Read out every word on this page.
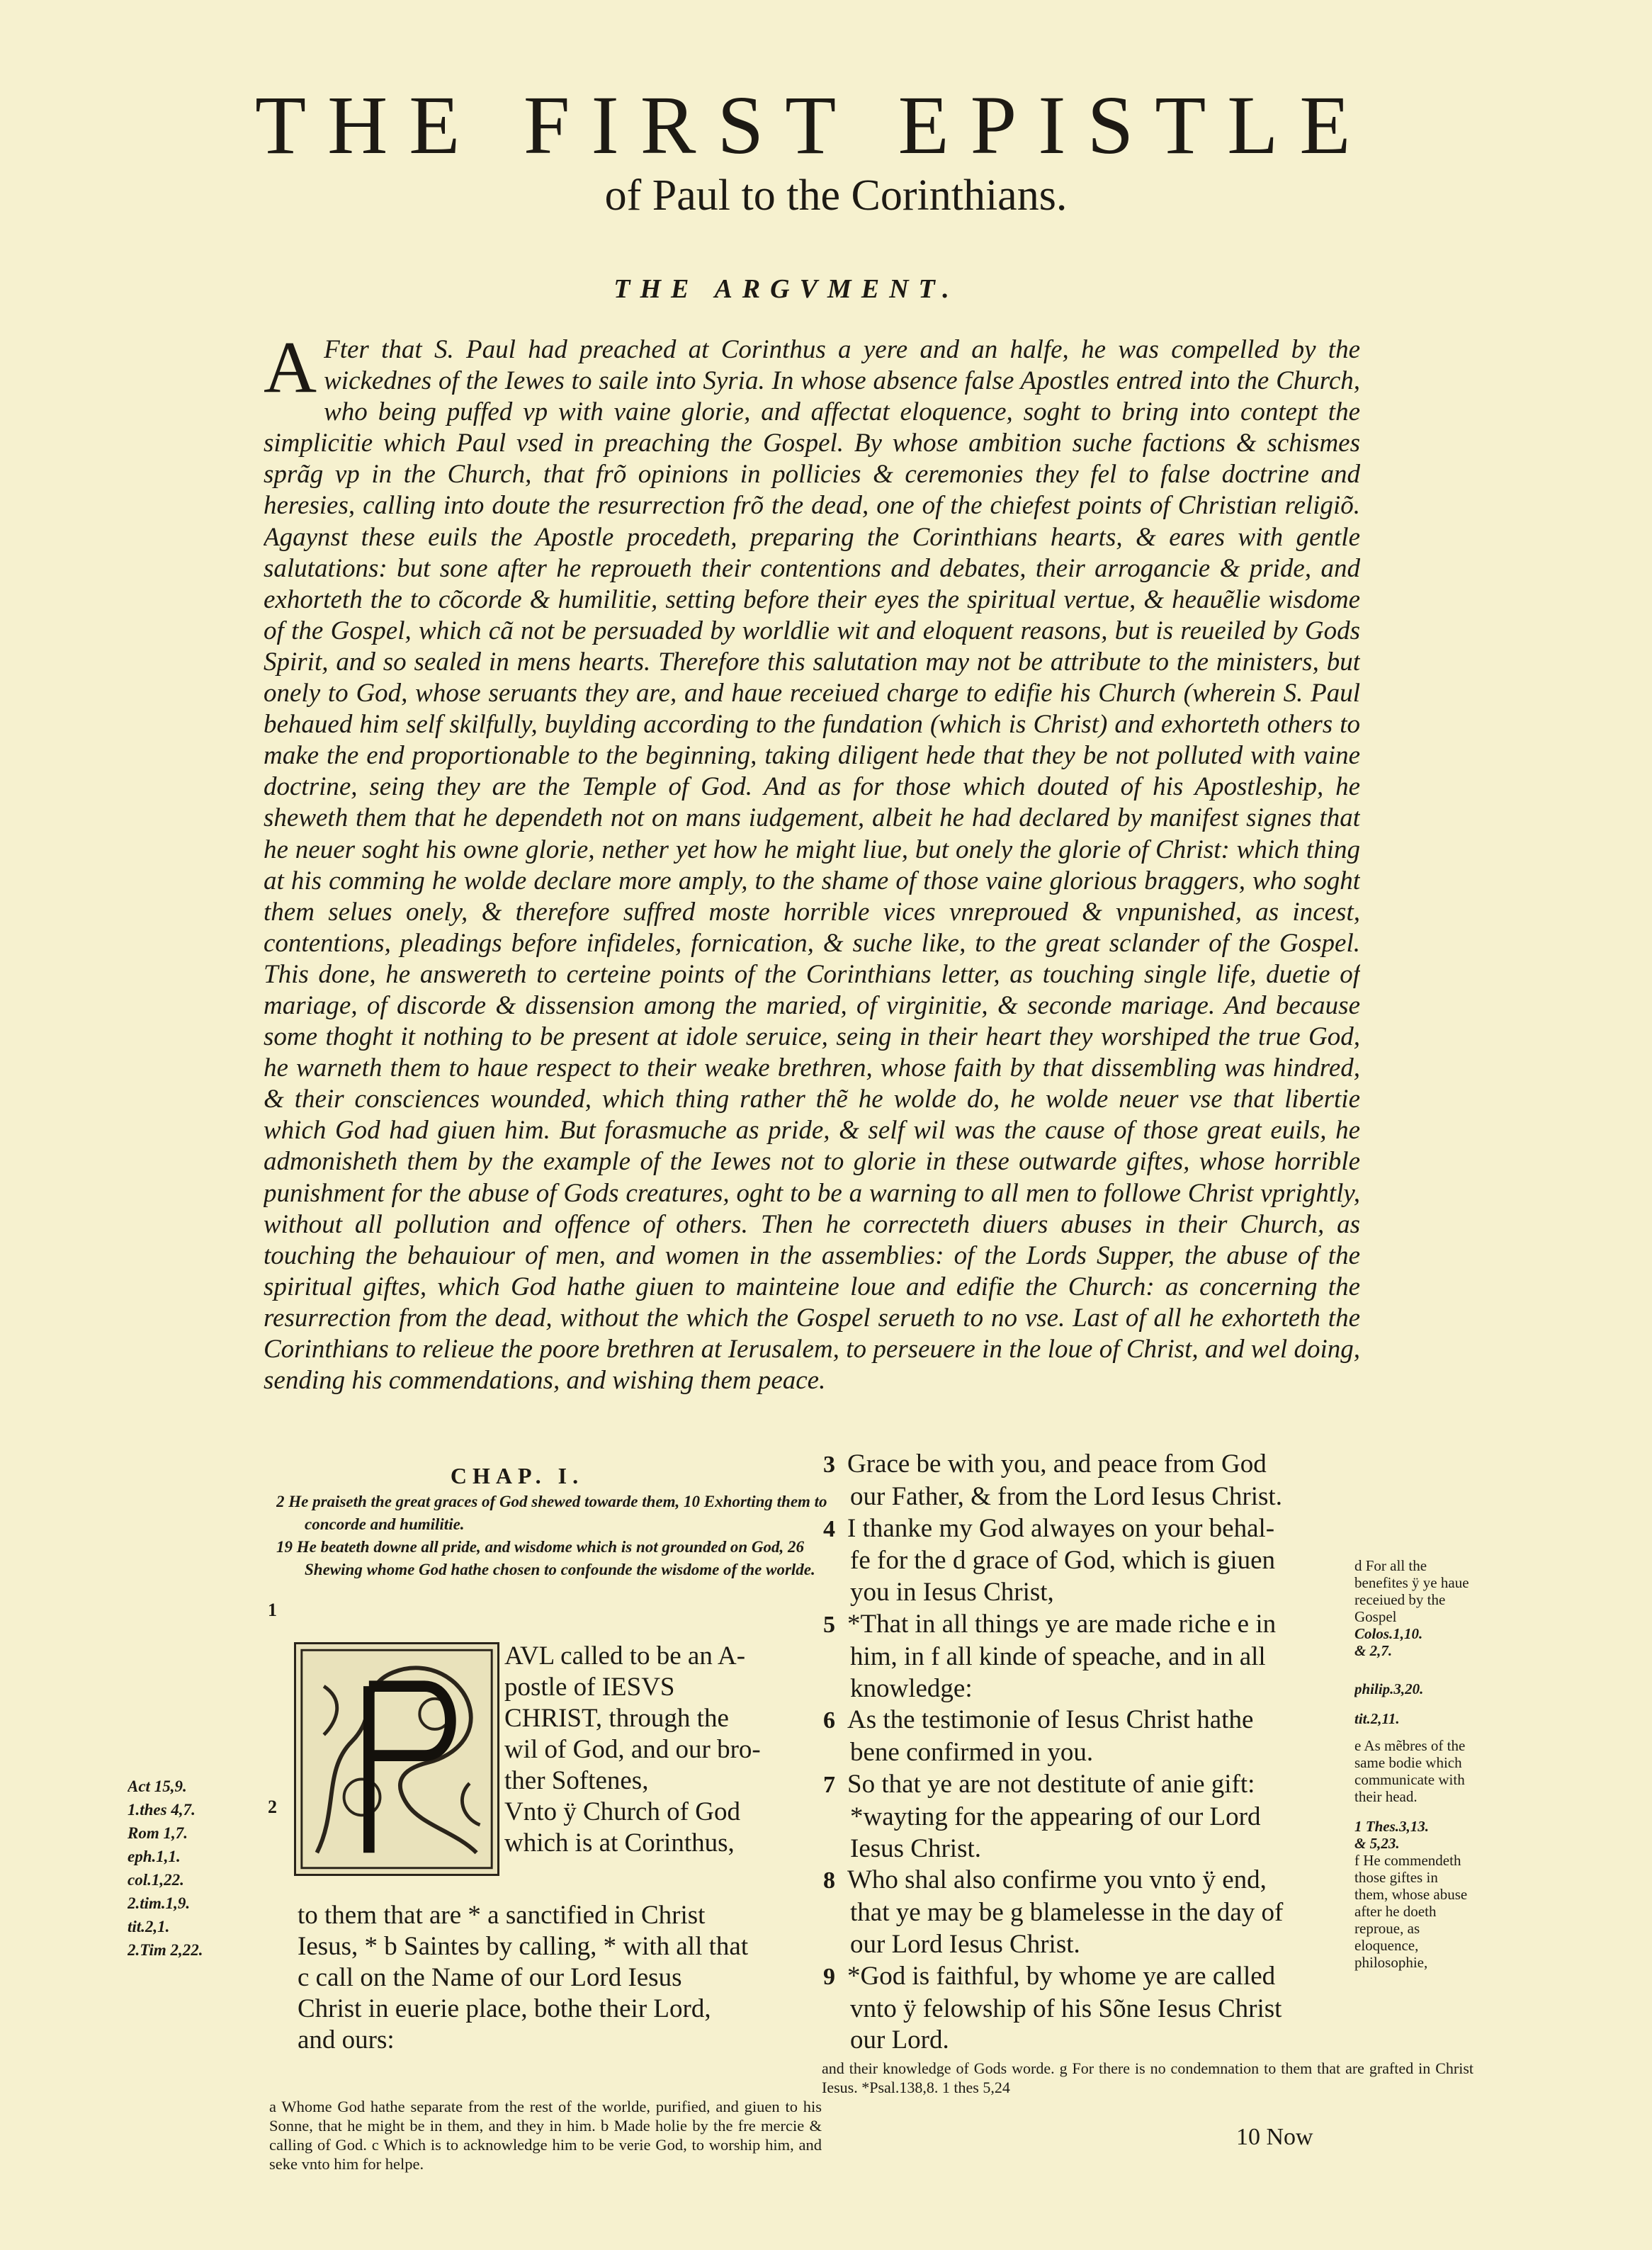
THE FIRST EPISTLE
of Paul to the Corinthians.
THE ARGVMENT.
A Fter that S. Paul had preached at Corinthus a yere and an halfe, he was compelled by the wickednes of the Iewes to saile into Syria. In whose absence false Apostles entred into the Church, who being puffed vp with vaine glorie, and affectat eloquence, soght to bring into contept the simplicitie which Paul vsed in preaching the Gospel. By whose ambition suche factions & schismes sprãg vp in the Church, that frõ opinions in pollicies & ceremonies they fel to false doctrine and heresies, calling into doute the resurrection frõ the dead, one of the chiefest points of Christian religiõ. Agaynst these euils the Apostle procedeth, preparing the Corinthians hearts, & eares with gentle salutations: but sone after he reproueth their contentions and debates, their arrogancie & pride, and exhorteth the to cõcorde & humilitie, setting before their eyes the spiritual vertue, & heauẽlie wisdome of the Gospel, which cã not be persuaded by worldlie wit and eloquent reasons, but is reueiled by Gods Spirit, and so sealed in mens hearts. Therefore this salutation may not be attribute to the ministers, but onely to God, whose seruants they are, and haue receiued charge to edifie his Church (wherein S. Paul behaued him self skilfully, buylding according to the fundation (which is Christ) and exhorteth others to make the end proportionable to the beginning, taking diligent hede that they be not polluted with vaine doctrine, seing they are the Temple of God. And as for those which douted of his Apostleship, he sheweth them that he dependeth not on mans iudgement, albeit he had declared by manifest signes that he neuer soght his owne glorie, nether yet how he might liue, but onely the glorie of Christ: which thing at his comming he wolde declare more amply, to the shame of those vaine glorious braggers, who soght them selues onely, & therefore suffred moste horrible vices vnreproued & vnpunished, as incest, contentions, pleadings before infideles, fornication, & suche like, to the great sclander of the Gospel. This done, he answereth to certeine points of the Corinthians letter, as touching single life, duetie of mariage, of discorde & dissension among the maried, of virginitie, & seconde mariage. And because some thoght it nothing to be present at idole seruice, seing in their heart they worshiped the true God, he warneth them to haue respect to their weake brethren, whose faith by that dissembling was hindred, & their consciences wounded, which thing rather thẽ he wolde do, he wolde neuer vse that libertie which God had giuen him. But forasmuche as pride, & self wil was the cause of those great euils, he admonisheth them by the example of the Iewes not to glorie in these outwarde giftes, whose horrible punishment for the abuse of Gods creatures, oght to be a warning to all men to followe Christ vprightly, without all pollution and offence of others. Then he correcteth diuers abuses in their Church, as touching the behauiour of men, and women in the assemblies: of the Lords Supper, the abuse of the spiritual giftes, which God hathe giuen to mainteine loue and edifie the Church: as concerning the resurrection from the dead, without the which the Gospel serueth to no vse. Last of all he exhorteth the Corinthians to relieue the poore brethren at Ierusalem, to perseuere in the loue of Christ, and wel doing, sending his commendations, and wishing them peace.
CHAP. I.
2 He praiseth the great graces of God shewed towarde them, 10 Exhorting them to concorde and humilitie.
19 He beateth downe all pride, and wisdome which is not grounded on God, 26 Shewing whome God hathe chosen to confounde the wisdome of the worlde.
1
2
AVL called to be an A-
postle of IESVS
CHRIST, through the
wil of God, and our bro-
ther Softenes,
Vnto ÿ Church of God
which is at Corinthus,
to them that are * a sanctified in Christ
Iesus, * b Saintes by calling, * with all that
c call on the Name of our Lord Iesus
Christ in euerie place, bothe their Lord,
and ours:
Act 15,9.
1.thes 4,7.
Rom 1,7.
eph.1,1.
col.1,22.
2.tim.1,9.
tit.2,1.
2.Tim 2,22.
a Whome God hathe separate from the rest of the worlde, purified, and giuen to his Sonne, that he might be in them, and they in him. b Made holie by the fre mercie & calling of God. c Which is to acknowledge him to be verie God, to worship him, and seke vnto him for helpe.
3 Grace be with you, and peace from God
our Father, & from the Lord Iesus Christ.
4 I thanke my God alwayes on your behal-
fe for the d grace of God, which is giuen
you in Iesus Christ,
5 *That in all things ye are made riche e in
him, in f all kinde of speache, and in all
knowledge:
6 As the testimonie of Iesus Christ hathe
bene confirmed in you.
7 So that ye are not destitute of anie gift:
*wayting for the appearing of our Lord
Iesus Christ.
8 Who shal also confirme you vnto ÿ end,
that ye may be g blamelesse in the day of
our Lord Iesus Christ.
9 *God is faithful, by whome ye are called
vnto ÿ felowship of his Sõne Iesus Christ
our Lord.

d For all the benefites ÿ ye haue receiued by the Gospel

Colos.1,10.

& 2,7.

philip.3,20.

tit.2,11.

e As mẽbres of the same bodie which communicate with their head.

1 Thes.3,13.

& 5,23.

f He commendeth those giftes in them, whose abuse after he doeth reproue, as eloquence, philosophie,

and their knowledge of Gods worde. g For there is no condemnation to them that are grafted in Christ Iesus. *Psal.138,8. 1 thes 5,24
10 Now
